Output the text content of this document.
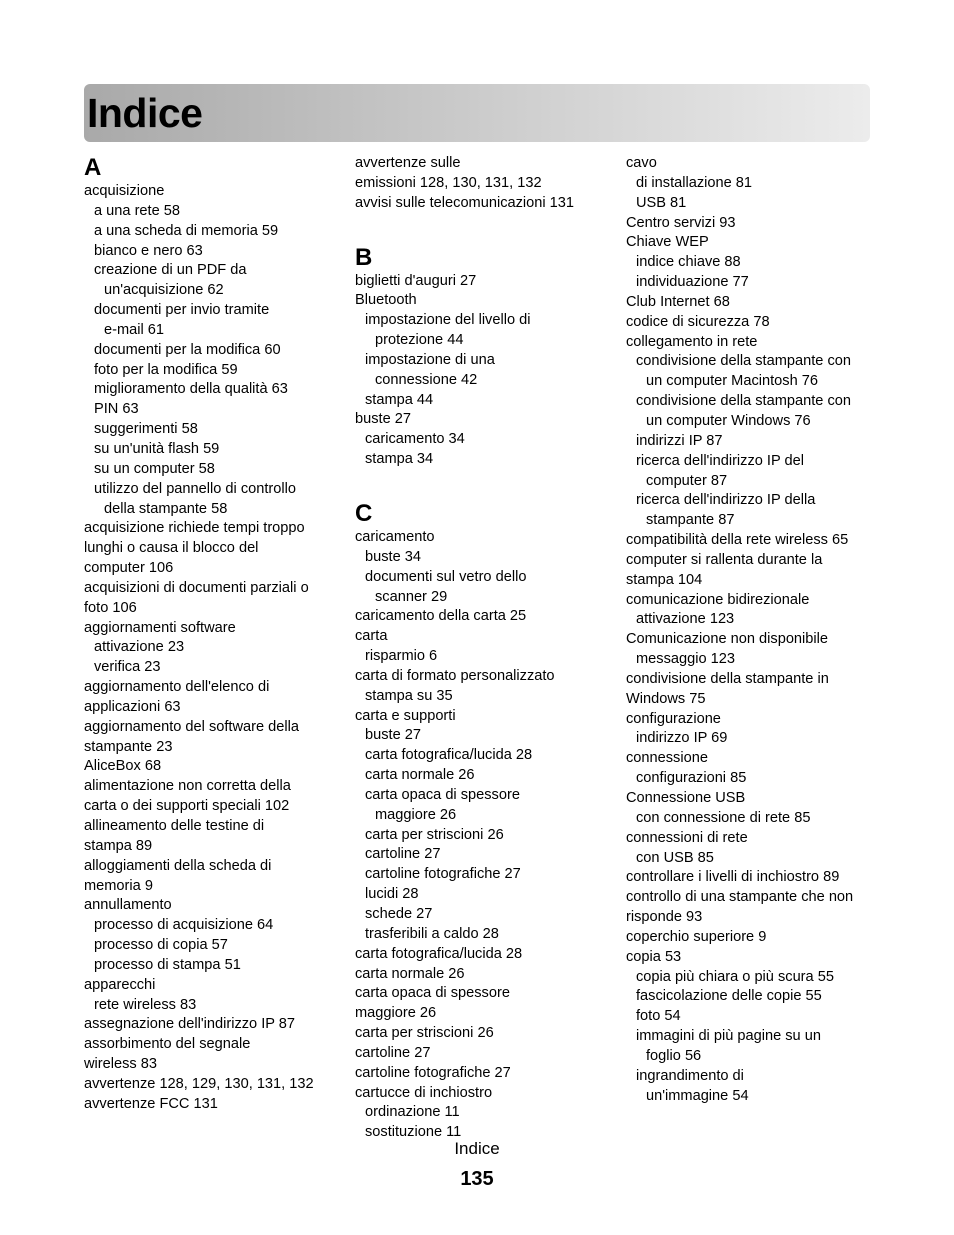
Indice
A
acquisizione
a una rete 58
a una scheda di memoria 59
bianco e nero 63
creazione di un PDF da
un'acquisizione 62
documenti per invio tramite
e-mail 61
documenti per la modifica 60
foto per la modifica 59
miglioramento della qualità 63
PIN 63
suggerimenti 58
su un'unità flash 59
su un computer 58
utilizzo del pannello di controllo
della stampante 58
acquisizione richiede tempi troppo
lunghi o causa il blocco del
computer 106
acquisizioni di documenti parziali o
foto 106
aggiornamenti software
attivazione 23
verifica 23
aggiornamento dell'elenco di
applicazioni 63
aggiornamento del software della
stampante 23
AliceBox 68
alimentazione non corretta della
carta o dei supporti speciali 102
allineamento delle testine di
stampa 89
alloggiamenti della scheda di
memoria 9
annullamento
processo di acquisizione 64
processo di copia 57
processo di stampa 51
apparecchi
rete wireless 83
assegnazione dell'indirizzo IP 87
assorbimento del segnale
wireless 83
avvertenze 128, 129, 130, 131, 132
avvertenze FCC 131
avvertenze sulle
emissioni 128, 130, 131, 132
avvisi sulle telecomunicazioni 131
B
biglietti d'auguri 27
Bluetooth
impostazione del livello di
protezione 44
impostazione di una
connessione 42
stampa 44
buste 27
caricamento 34
stampa 34
C
caricamento
buste 34
documenti sul vetro dello
scanner 29
caricamento della carta 25
carta
risparmio 6
carta di formato personalizzato
stampa su 35
carta e supporti
buste 27
carta fotografica/lucida 28
carta normale 26
carta opaca di spessore
maggiore 26
carta per striscioni 26
cartoline 27
cartoline fotografiche 27
lucidi 28
schede 27
trasferibili a caldo 28
carta fotografica/lucida 28
carta normale 26
carta opaca di spessore
maggiore 26
carta per striscioni 26
cartoline 27
cartoline fotografiche 27
cartucce di inchiostro
ordinazione 11
sostituzione 11
cavo
di installazione 81
USB 81
Centro servizi 93
Chiave WEP
indice chiave 88
individuazione 77
Club Internet 68
codice di sicurezza 78
collegamento in rete
condivisione della stampante con
un computer Macintosh 76
condivisione della stampante con
un computer Windows 76
indirizzi IP 87
ricerca dell'indirizzo IP del
computer 87
ricerca dell'indirizzo IP della
stampante 87
compatibilità della rete wireless 65
computer si rallenta durante la
stampa 104
comunicazione bidirezionale
attivazione 123
Comunicazione non disponibile
messaggio 123
condivisione della stampante in
Windows 75
configurazione
indirizzo IP 69
connessione
configurazioni 85
Connessione USB
con connessione di rete 85
connessioni di rete
con USB 85
controllare i livelli di inchiostro 89
controllo di una stampante che non
risponde 93
coperchio superiore 9
copia 53
copia più chiara o più scura 55
fascicolazione delle copie 55
foto 54
immagini di più pagine su un
foglio 56
ingrandimento di
un'immagine 54
Indice
135
